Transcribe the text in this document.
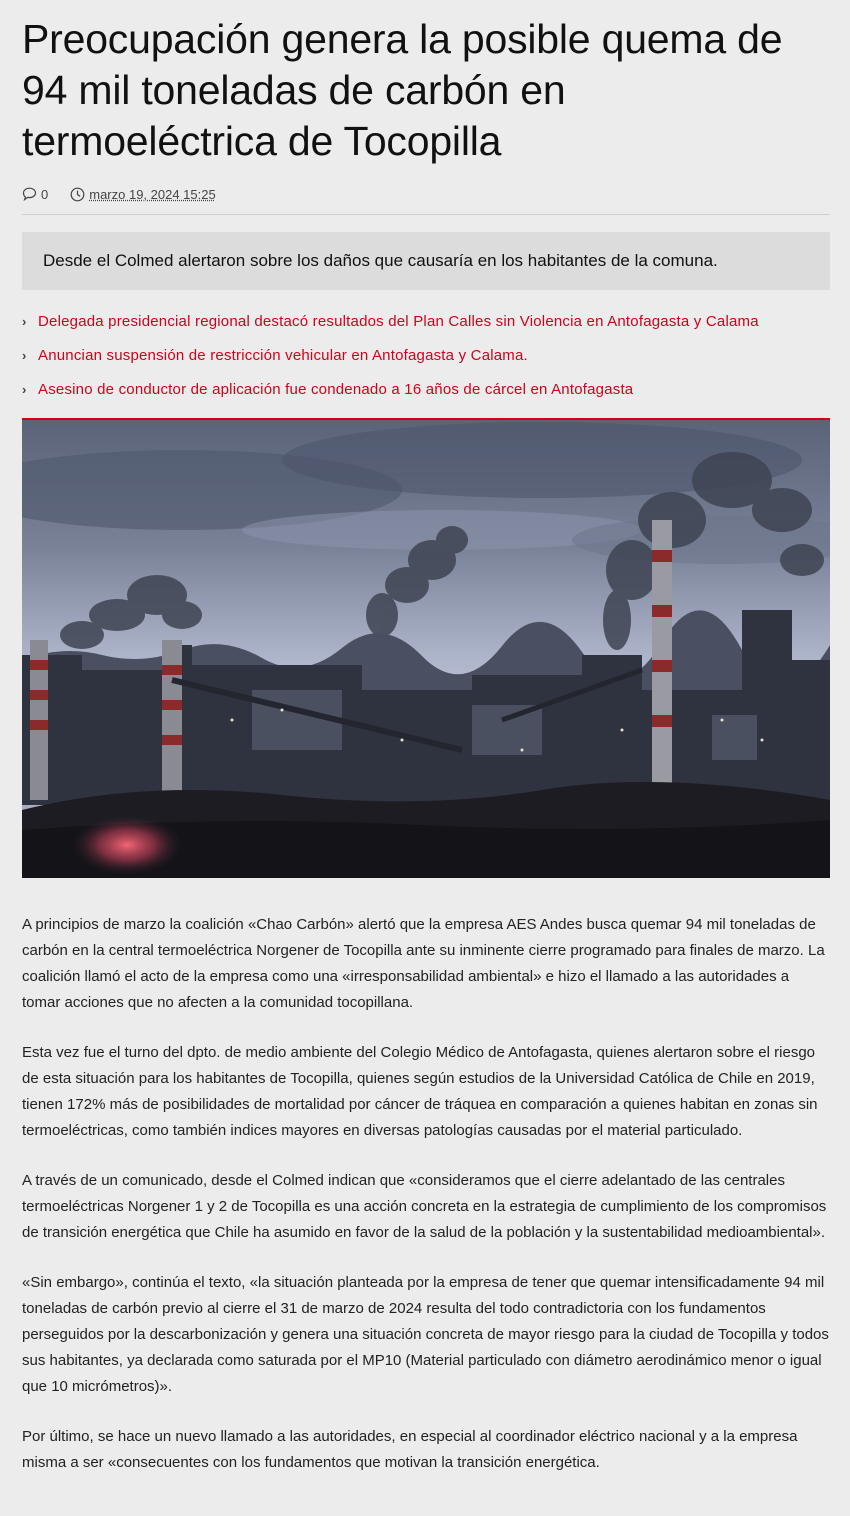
Preocupación genera la posible quema de 94 mil toneladas de carbón en termoeléctrica de Tocopilla
0	marzo 19, 2024 15:25
Desde el Colmed alertaron sobre los daños que causaría en los habitantes de la comuna.
› Delegada presidencial regional destacó resultados del Plan Calles sin Violencia en Antofagasta y Calama
› Anuncian suspensión de restricción vehicular en Antofagasta y Calama.
› Asesino de conductor de aplicación fue condenado a 16 años de cárcel en Antofagasta

A principios de marzo la coalición «Chao Carbón» alertó que la empresa AES Andes busca quemar 94 mil toneladas de carbón en la central termoeléctrica Norgener de Tocopilla ante su inminente cierre programado para finales de marzo. La coalición llamó el acto de la empresa como una «irresponsabilidad ambiental» e hizo el llamado a las autoridades a tomar acciones que no afecten a la comunidad tocopillana.

Esta vez fue el turno del dpto. de medio ambiente del Colegio Médico de Antofagasta, quienes alertaron sobre el riesgo de esta situación para los habitantes de Tocopilla, quienes según estudios de la Universidad Católica de Chile en 2019, tienen 172% más de posibilidades de mortalidad por cáncer de tráquea en comparación a quienes habitan en zonas sin termoeléctricas, como también indices mayores en diversas patologías causadas por el material particulado.

A través de un comunicado, desde el Colmed indican que «consideramos que el cierre adelantado de las centrales termoeléctricas Norgener 1 y 2 de Tocopilla es una acción concreta en la estrategia de cumplimiento de los compromisos de transición energética que Chile ha asumido en favor de la salud de la población y la sustentabilidad medioambiental».

«Sin embargo», continúa el texto, «la situación planteada por la empresa de tener que quemar intensificadamente 94 mil toneladas de carbón previo al cierre el 31 de marzo de 2024 resulta del todo contradictoria con los fundamentos perseguidos por la descarbonización y genera una situación concreta de mayor riesgo para la ciudad de Tocopilla y todos sus habitantes, ya declarada como saturada por el MP10 (Material particulado con diámetro aerodinámico menor o igual que 10 micrómetros)».

Por último, se hace un nuevo llamado a las autoridades, en especial al coordinador eléctrico nacional y a la empresa misma a ser «consecuentes con los fundamentos que motivan la transición energética.
